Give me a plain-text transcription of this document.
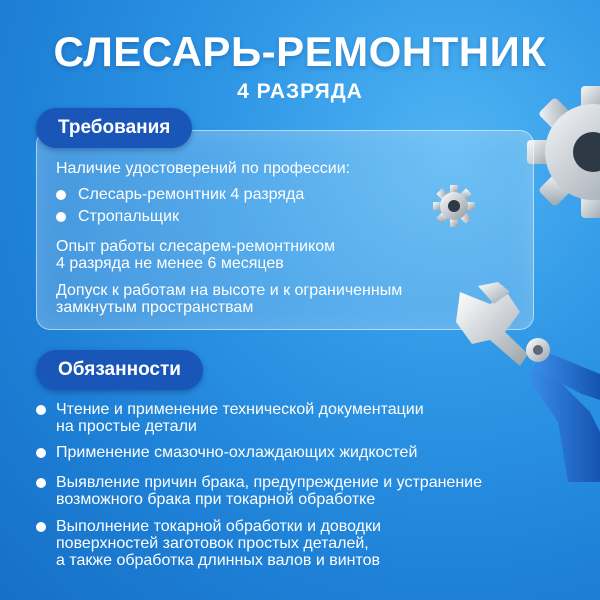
СЛЕСАРЬ-РЕМОНТНИК
4 РАЗРЯДА
Требования
Наличие удостоверений по профессии:
Слесарь-ремонтник 4 разряда
Стропальщик
Опыт работы слесарем-ремонтником
4 разряда не менее 6 месяцев
Допуск к работам на высоте и к ограниченным
замкнутым пространствам
Обязанности
Чтение и применение технической документации
на простые детали
Применение смазочно-охлаждающих жидкостей
Выявление причин брака, предупреждение и устранение
возможного брака при токарной обработке
Выполнение токарной обработки и доводки
поверхностей заготовок простых деталей,
а также обработка длинных валов и винтов
